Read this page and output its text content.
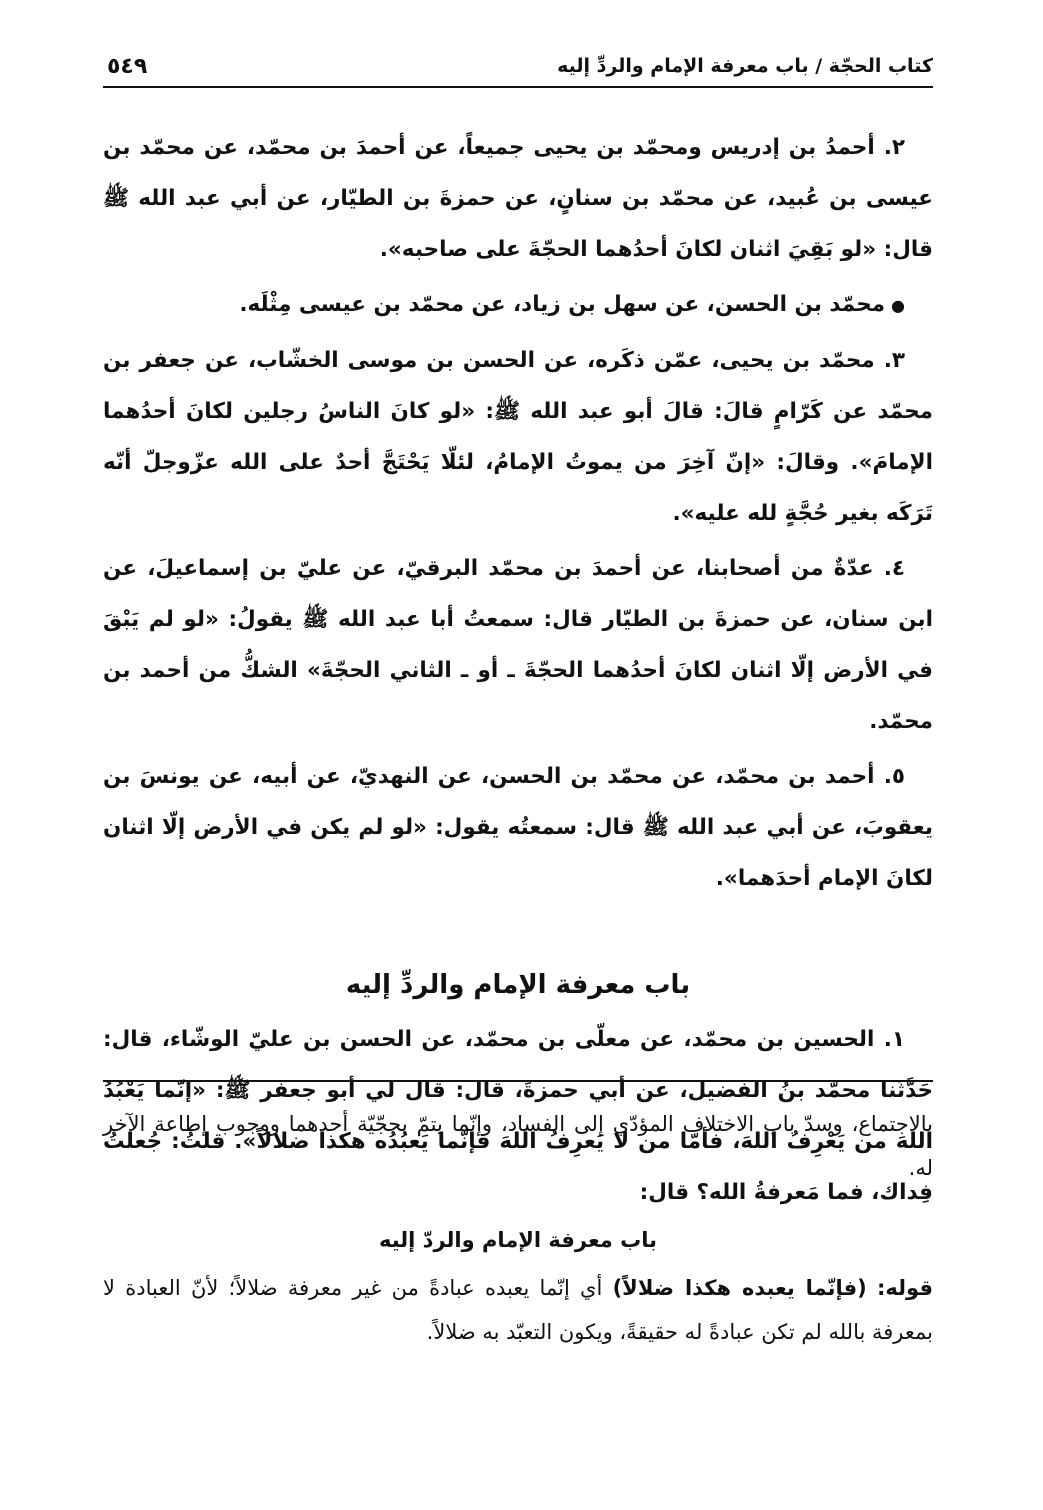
كتاب الحجّة / باب معرفة الإمام والردِّ إليه
٥٤٩

٢. أحمدُ بن إدريس ومحمّد بن يحيى جميعاً، عن أحمدَ بن محمّد، عن محمّد بن عيسى بن عُبيد، عن محمّد بن سنانٍ، عن حمزةَ بن الطيّار، عن أبي عبد الله ﷺ قال: «لو بَقِيَ اثنان لكانَ أحدُهما الحجّةَ على صاحبه».

●محمّد بن الحسن، عن سهل بن زياد، عن محمّد بن عيسى مِثْلَه.

٣. محمّد بن يحيى، عمّن ذكَره، عن الحسن بن موسى الخشّاب، عن جعفر بن محمّد عن كَرّامٍ قالَ: قالَ أبو عبد الله ﷺ: «لو كانَ الناسُ رجلين لكانَ أحدُهما الإمامَ». وقالَ: «إنّ آخِرَ من يموتُ الإمامُ، لئلّا يَحْتَجَّ أحدٌ على الله عزّوجلّ أنّه تَرَكَه بغير حُجَّةٍ لله عليه».

٤. عدّةٌ من أصحابنا، عن أحمدَ بن محمّد البرقيّ، عن عليّ بن إسماعيلَ، عن ابن سنان، عن حمزةَ بن الطيّار قال: سمعتُ أبا عبد الله ﷺ يقولُ: «لو لم يَبْقَ في الأرض إلّا اثنان لكانَ أحدُهما الحجّةَ ـ أو ـ الثاني الحجّةَ» الشكُّ من أحمد بن محمّد.

٥. أحمد بن محمّد، عن محمّد بن الحسن، عن النهديّ، عن أبيه، عن يونسَ بن يعقوبَ، عن أبي عبد الله ﷺ قال: سمعتُه يقول: «لو لم يكن في الأرض إلّا اثنان لكانَ الإمام أحدَهما».

باب معرفة الإمام والردِّ إليه

١. الحسين بن محمّد، عن معلّى بن محمّد، عن الحسن بن عليّ الوشّاء، قال: حَدَّثَنا محمّد بنُ الفضيل، عن أبي حمزةَ، قال: قال لي أبو جعفر ﷺ: «إنّما يَعْبُدُ اللهَ من يَعْرِفُ اللهَ، فأمّا من لا يَعرِفُ اللهَ فإنّما يَعبُدُه هكذا ضلالاً». قلتُ: جُعلتُ فِداك، فما مَعرفةُ الله؟ قال:

بالاجتماع، وسدّ باب الاختلاف المؤدّي إلى الفساد، وإنّما يتمّ بحجّيّة أحدهما ووجوب إطاعة الآخر له.

باب معرفة الإمام والردّ إليه

قوله: (فإنّما يعبده هكذا ضلالاً) أي إنّما يعبده عبادةً من غير معرفة ضلالاً؛ لأنّ العبادة لا بمعرفة بالله لم تكن عبادةً له حقيقةً، ويكون التعبّد به ضلالاً.
